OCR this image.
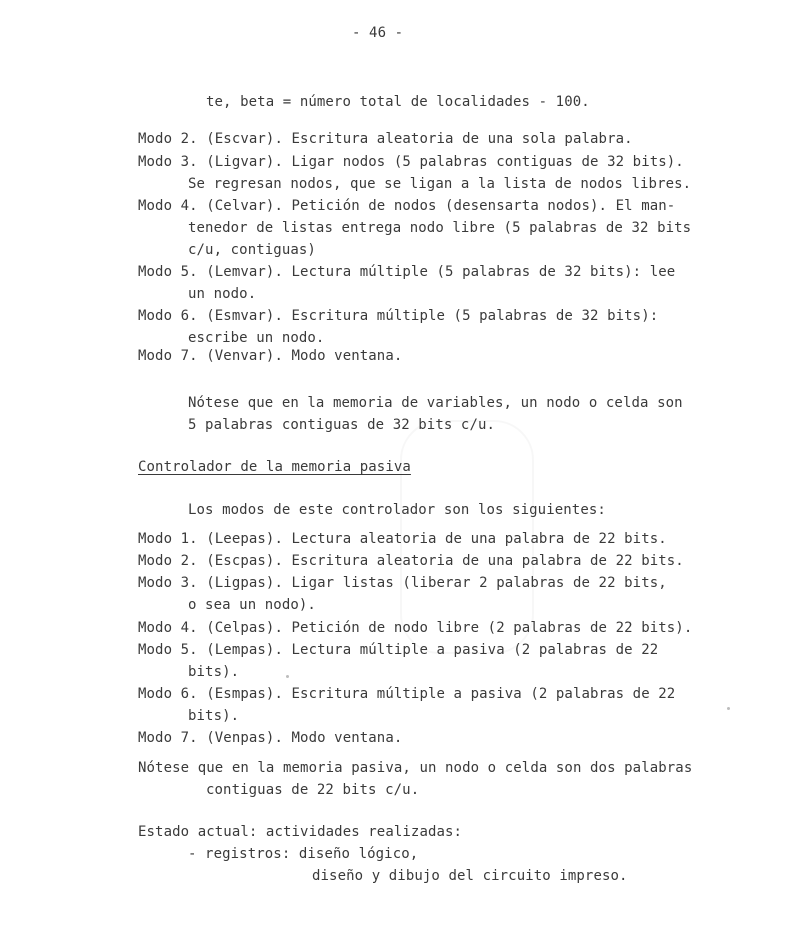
- 46 -
te, beta = número total de localidades - 100.
Modo 2. (Escvar). Escritura aleatoria de una sola palabra.
Modo 3. (Ligvar). Ligar nodos (5 palabras contiguas de 32 bits).
Se regresan nodos, que se ligan a la lista de nodos libres.
Modo 4. (Celvar). Petición de nodos (desensarta nodos). El man-
tenedor de listas entrega nodo libre (5 palabras de 32 bits
c/u, contiguas)
Modo 5. (Lemvar). Lectura múltiple (5 palabras de 32 bits): lee
un nodo.
Modo 6. (Esmvar). Escritura múltiple (5 palabras de 32 bits):
escribe un nodo.
Modo 7. (Venvar). Modo ventana.
Nótese que en la memoria de variables, un nodo o celda son
5 palabras contiguas de 32 bits c/u.
Controlador de la memoria pasiva
Los modos de este controlador son los siguientes:
Modo 1. (Leepas). Lectura aleatoria de una palabra de 22 bits.
Modo 2. (Escpas). Escritura aleatoria de una palabra de 22 bits.
Modo 3. (Ligpas). Ligar listas (liberar 2 palabras de 22 bits,
o sea un nodo).
Modo 4. (Celpas). Petición de nodo libre (2 palabras de 22 bits).
Modo 5. (Lempas). Lectura múltiple a pasiva (2 palabras de 22
bits).
Modo 6. (Esmpas). Escritura múltiple a pasiva (2 palabras de 22
bits).
Modo 7. (Venpas). Modo ventana.
Nótese que en la memoria pasiva, un nodo o celda son dos palabras
contiguas de 22 bits c/u.
Estado actual: actividades realizadas:
- registros: diseño lógico,
diseño y dibujo del circuito impreso.
